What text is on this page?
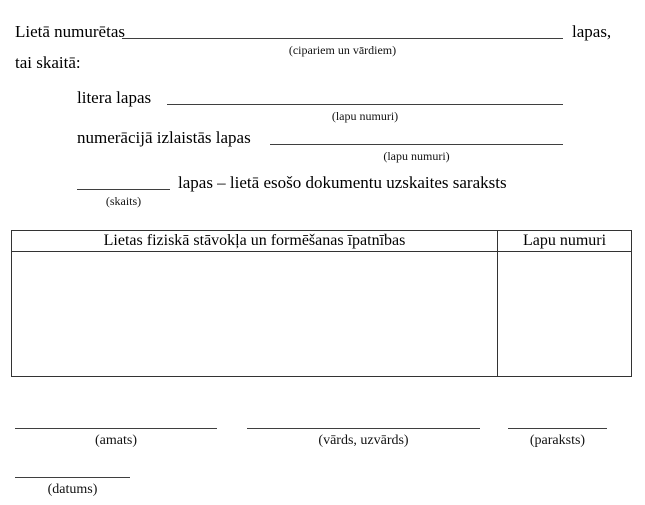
Lietā numurētas	lapas,
(cipariem un vārdiem)
tai skaitā:
litera lapas
(lapu numuri)
numerācijā izlaistās lapas
(lapu numuri)
lapas – lietā esošo dokumentu uzskaites saraksts
(skaits)
Lietas fiziskā stāvokļa un formēšanas īpatnības	Lapu numuri
(amats)	(vārds, uzvārds)	(paraksts)
(datums)
